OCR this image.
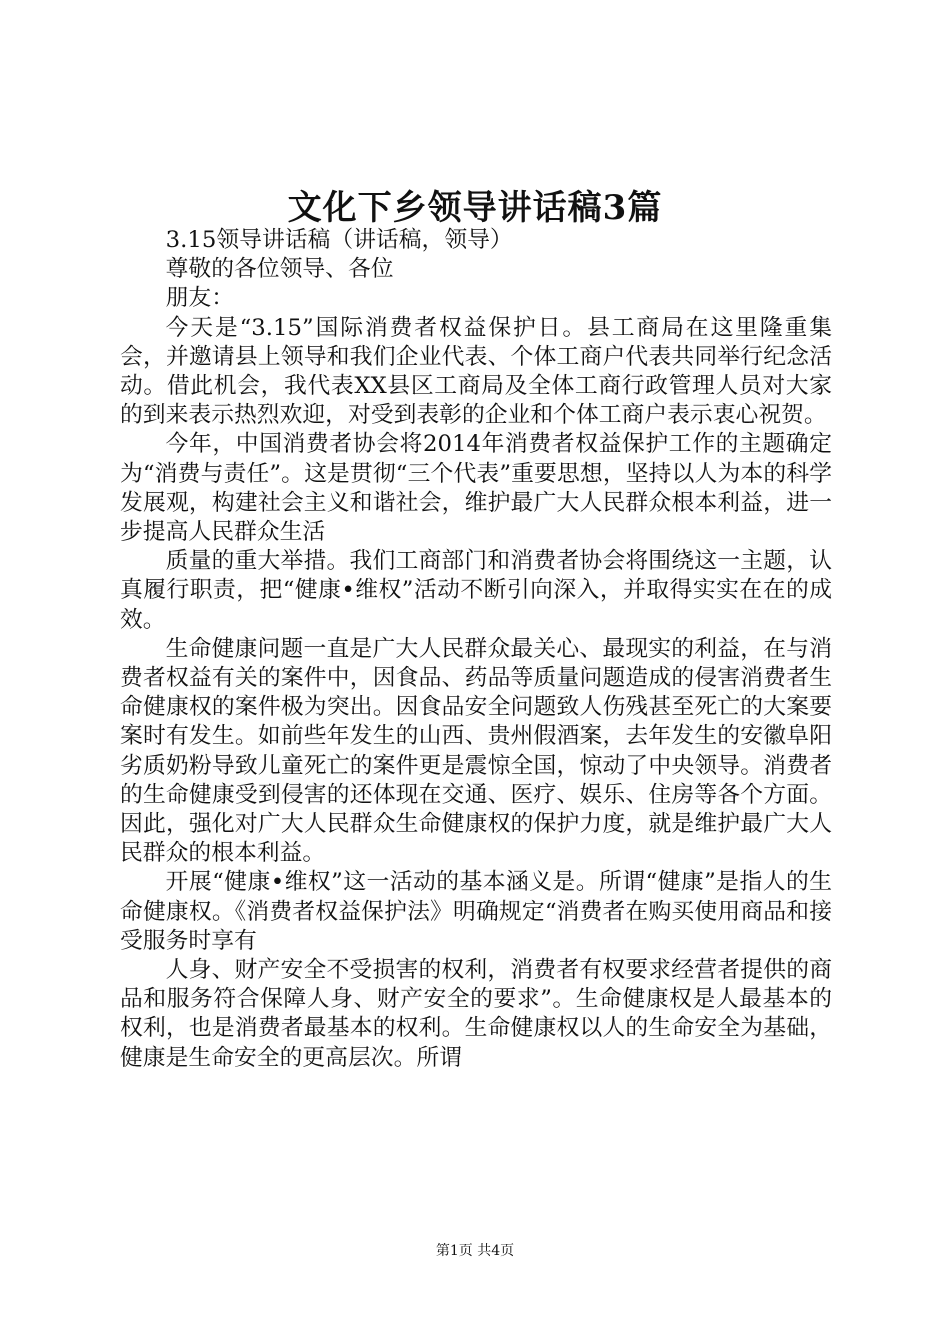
文化下乡领导讲话稿3篇

3.15领导讲话稿（讲话稿，领导）

尊敬的各位领导、各位

朋友：

今天是“3.15”国际消费者权益保护日。县工商局在这里隆重集会，并邀请县上领导和我们企业代表、个体工商户代表共同举行纪念活动。借此机会，我代表XX县区工商局及全体工商行政管理人员对大家的到来表示热烈欢迎，对受到表彰的企业和个体工商户表示衷心祝贺。

今年，中国消费者协会将2014年消费者权益保护工作的主题确定为“消费与责任”。这是贯彻“三个代表”重要思想，坚持以人为本的科学发展观，构建社会主义和谐社会，维护最广大人民群众根本利益，进一步提高人民群众生活

质量的重大举措。我们工商部门和消费者协会将围绕这一主题，认真履行职责，把“健康•维权”活动不断引向深入，并取得实实在在的成效。

生命健康问题一直是广大人民群众最关心、最现实的利益，在与消费者权益有关的案件中，因食品、药品等质量问题造成的侵害消费者生命健康权的案件极为突出。因食品安全问题致人伤残甚至死亡的大案要案时有发生。如前些年发生的山西、贵州假酒案，去年发生的安徽阜阳劣质奶粉导致儿童死亡的案件更是震惊全国，惊动了中央领导。消费者的生命健康受到侵害的还体现在交通、医疗、娱乐、住房等各个方面。因此，强化对广大人民群众生命健康权的保护力度，就是维护最广大人民群众的根本利益。

开展“健康•维权”这一活动的基本涵义是。所谓“健康”是指人的生命健康权。《消费者权益保护法》明确规定“消费者在购买使用商品和接受服务时享有

人身、财产安全不受损害的权利，消费者有权要求经营者提供的商品和服务符合保障人身、财产安全的要求”。生命健康权是人最基本的权利，也是消费者最基本的权利。生命健康权以人的生命安全为基础，健康是生命安全的更高层次。所谓

第1页 共4页
